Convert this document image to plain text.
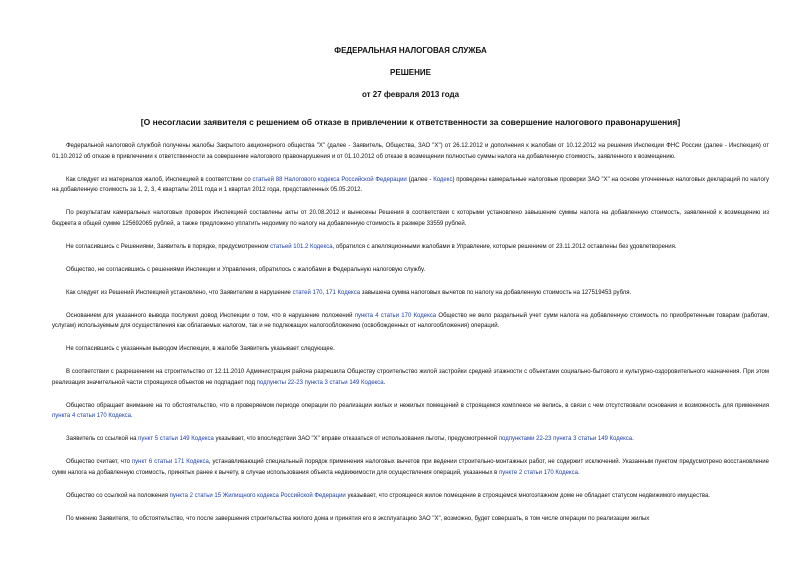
ФЕДЕРАЛЬНАЯ НАЛОГОВАЯ СЛУЖБА
РЕШЕНИЕ
от 27 февраля 2013 года
[О несогласии заявителя с решением об отказе в привлечении к ответственности за совершение налогового правонарушения]

Федеральной налоговой службой получены жалобы Закрытого акционерного общества "Х" (далее - Заявитель, Общества, ЗАО "Х") от 26.12.2012 и дополнения к жалобам от 10.12.2012 на решения Инспекции ФНС России (далее - Инспекция) от 01.10.2012 об отказе в привлечении к ответственности за совершение налогового правонарушения и от 01.10.2012 об отказе в возмещении полностью суммы налога на добавленную стоимость, заявленного к возмещению.

Как следует из материалов жалоб, Инспекцией в соответствии со статьей 88 Налогового кодекса Российской Федерации (далее - Кодекс) проведены камеральные налоговые проверки ЗАО "Х" на основе уточненных налоговых деклараций по налогу на добавленную стоимость за 1, 2, 3, 4 кварталы 2011 года и 1 квартал 2012 года, представленных 05.05.2012.

По результатам камеральных налоговых проверок Инспекцией составлены акты от 20.08.2012 и вынесены Решения в соответствии с которыми установлено завышение суммы налога на добавленную стоимость, заявленной к возмещению из бюджета в общей сумме 125692065 рублей, а также предложено уплатить недоимку по налогу на добавленную стоимость в размере 33559 рублей.

Не согласившись с Решениями, Заявитель в порядке, предусмотренном статьей 101.2 Кодекса, обратился с апелляционными жалобами в Управление, которые решением от 23.11.2012 оставлены без удовлетворения.

Общество, не согласившись с решениями Инспекции и Управления, обратилось с жалобами в Федеральную налоговую службу.

Как следует из Решений Инспекцией установлено, что Заявителем в нарушение статей 170, 171 Кодекса завышена сумма налоговых вычетов по налогу на добавленную стоимость на 127519453 рубля.

Основанием для указанного вывода послужил довод Инспекции о том, что в нарушение положений пункта 4 статьи 170 Кодекса Общество не вело раздельный учет сумм налога на добавленную стоимость по приобретенным товарам (работам, услугам) используемым для осуществления как облагаемых налогом, так и не подлежащих налогообложению (освобожденных от налогообложения) операций.

Не согласившись с указанным выводом Инспекции, в жалобе Заявитель указывает следующее.

В соответствии с разрешением на строительство от 12.11.2010 Администрация района разрешила Обществу строительство жилой застройки средней этажности с объектами социально-бытового и культурно-оздоровительного назначения. При этом реализация значительной части строящихся объектов не подпадает под подпункты 22-23 пункта 3 статьи 149 Кодекса.

Общество обращает внимание на то обстоятельство, что в проверяемом периоде операции по реализации жилых и нежилых помещений в строящемся комплексе не велись, в связи с чем отсутствовали основания и возможность для применения пункта 4 статьи 170 Кодекса.

Заявитель со ссылкой на пункт 5 статьи 149 Кодекса указывает, что впоследствии ЗАО "Х" вправе отказаться от использования льготы, предусмотренной подпунктами 22-23 пункта 3 статьи 149 Кодекса.

Общество считает, что пункт 6 статьи 171 Кодекса, устанавливающий специальный порядок применения налоговых вычетов при ведении строительно-монтажных работ, не содержит исключений. Указанным пунктом предусмотрено восстановление сумм налога на добавленную стоимость, принятых ранее к вычету, в случае использования объекта недвижимости для осуществления операций, указанных в пункте 2 статьи 170 Кодекса.

Общество со ссылкой на положения пункта 2 статьи 15 Жилищного кодекса Российской Федерации указывает, что строящееся жилое помещение в строящемся многоэтажном доме не обладает статусом недвижимого имущества.

По мнению Заявителя, то обстоятельство, что после завершения строительства жилого дома и принятия его в эксплуатацию ЗАО "Х", возможно, будет совершать, в том числе операции по реализации жилых
